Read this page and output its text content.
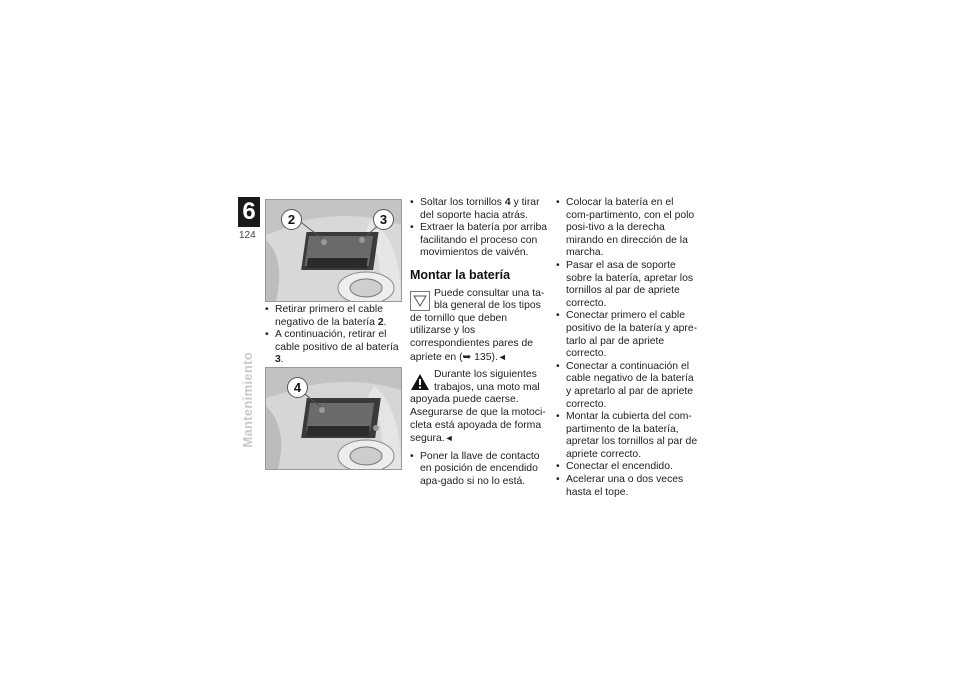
6
124
Mantenimiento
2	3
4
• Retirar primero el cable negativo de la batería 2.
• A continuación, retirar el cable positivo de al batería 3.
• Soltar los tornillos 4 y tirar del soporte hacia atrás.
• Extraer la batería por arriba facilitando el proceso con movimientos de vaivén.
Montar la batería
Puede consultar una ta-
bla general de los tipos de tornillo que deben utilizarse y los correspondientes pares de apriete en (➥ 135).◄
Durante los siguientes
trabajos, una moto mal apoyada puede caerse. Asegurarse de que la motoci-cleta está apoyada de forma segura.◄
• Poner la llave de contacto en posición de encendido apa-gado si no lo está.
• Colocar la batería en el com-partimento, con el polo posi-tivo a la derecha mirando en dirección de la marcha.
• Pasar el asa de soporte sobre la batería, apretar los tornillos al par de apriete correcto.
• Conectar primero el cable positivo de la batería y apre-tarlo al par de apriete correcto.
• Conectar a continuación el cable negativo de la batería y apretarlo al par de apriete correcto.
• Montar la cubierta del com-partimento de la batería, apretar los tornillos al par de apriete correcto.
• Conectar el encendido.
• Acelerar una o dos veces hasta el tope.
